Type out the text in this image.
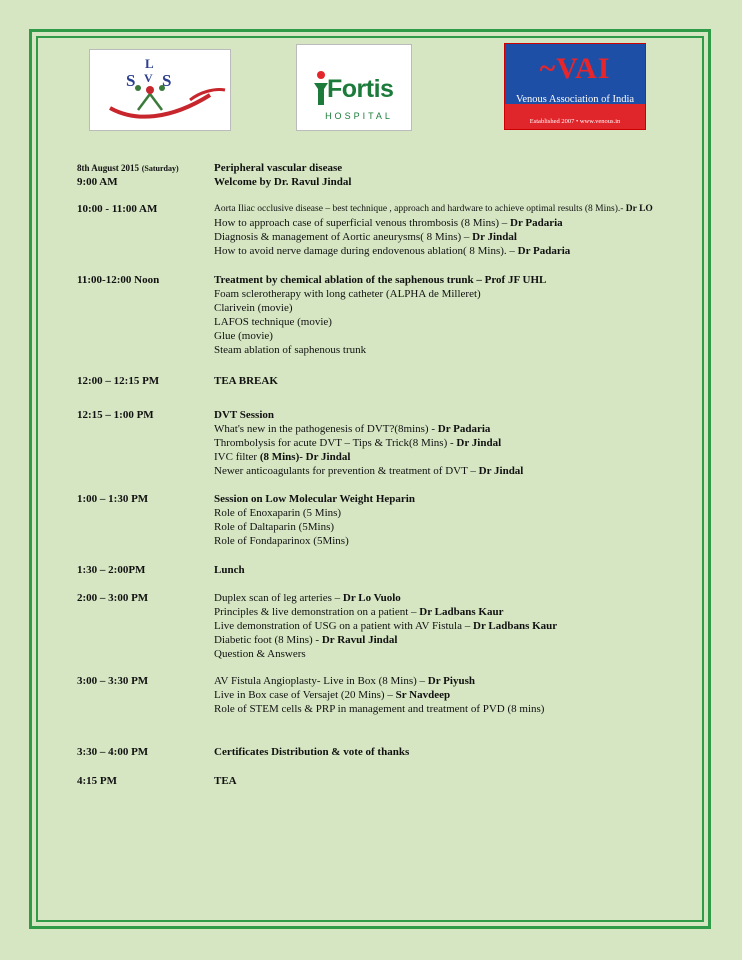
L
S V S	Fortis
HOSPITAL
~VAI
Venous Association of India
Established 2007 • www.venous.in
8th August 2015 (Saturday)	Peripheral vascular disease
9:00 AM	Welcome by Dr. Ravul Jindal
10:00 - 11:00 AM	Aorta Iliac occlusive disease – best technique , approach and hardware to achieve optimal results (8 Mins).- Dr LO
How to approach case of superficial venous thrombosis (8 Mins) – Dr Padaria
Diagnosis & management of Aortic aneurysms( 8 Mins) – Dr Jindal
How to avoid nerve damage during endovenous ablation( 8 Mins). – Dr Padaria
11:00-12:00 Noon	Treatment by chemical ablation of the saphenous trunk – Prof JF UHL
Foam sclerotherapy with long catheter (ALPHA de Milleret)
Clarivein (movie)
LAFOS technique (movie)
Glue (movie)
Steam ablation of saphenous trunk
12:00 – 12:15 PM	TEA BREAK
12:15 – 1:00 PM	DVT Session
What's new in the pathogenesis of DVT?(8mins) - Dr Padaria
Thrombolysis for acute DVT – Tips & Trick(8 Mins) - Dr Jindal
IVC filter (8 Mins)- Dr Jindal
Newer anticoagulants for prevention & treatment of DVT – Dr Jindal
1:00 – 1:30 PM	Session on Low Molecular Weight Heparin
Role of Enoxaparin (5 Mins)
Role of Daltaparin (5Mins)
Role of Fondaparinox (5Mins)
1:30 – 2:00PM	Lunch
2:00 – 3:00 PM	Duplex scan of leg arteries – Dr Lo Vuolo
Principles & live demonstration on a patient – Dr Ladbans Kaur
Live demonstration of USG on a patient with AV Fistula – Dr Ladbans Kaur
Diabetic foot (8 Mins) - Dr Ravul Jindal
Question & Answers
3:00 – 3:30 PM	AV Fistula Angioplasty- Live in Box (8 Mins) – Dr Piyush
Live in Box case of Versajet (20 Mins) – Sr Navdeep
Role of STEM cells & PRP in management and treatment of PVD (8 mins)
3:30 – 4:00 PM	Certificates Distribution & vote of thanks
4:15 PM	TEA
